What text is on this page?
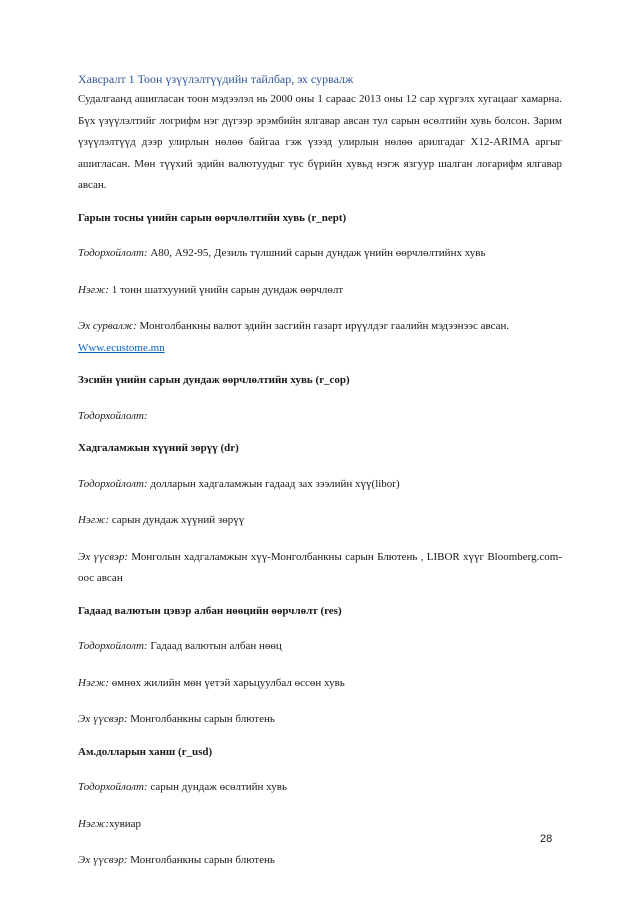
Хавсралт 1 Тоон үзүүлэлтүүдийн тайлбар, эх сурвалж

Судалгаанд ашигласан тоон мэдээлэл нь 2000 оны 1 сараас 2013 оны 12 сар хүргэлх хугацааг хамарна. Бүх үзүүлэлтийг логрифм нэг дүгээр эрэмбийн ялгавар авсан тул сарын өсөлтийн хувь болсон. Зарим үзүүлэлтүүд дээр улирлын нөлөө байгаа гэж үзээд улирлын нөлөө арилгадаг X12-ARIMA аргыг ашигласан. Мөн түүхий эдийн валютуудыг тус бүрийн хувьд нэгж язгуур шалган логарифм ялгавар авсан.

Гарын тосны үнийн сарын өөрчлөлтийн хувь (r_nept)

Тодорхойлолт: А80, А92-95, Дезиль түлшний сарын дундаж үнийн өөрчлөлтийнх хувь
Нэгж: 1 тонн шатхууний үнийн сарын дундаж өөрчлөлт
Эх сурвалж: Монголбанкны валют эдийн засгийн газарт ирүүлдэг гаалийн мэдээнээс авсан.
Www.ecustome.mn

Зэсийн үнийн сарын дундаж өөрчлөлтийн хувь (r_cop)

Тодорхойлолт:

Хадгаламжын хүүний зөрүү (dr)

Тодорхойлолт: долларын хадгаламжын гадаад зах зээлийн хүү(libor)
Нэгж: сарын дундаж хүүний зөрүү
Эх үүсвэр: Монголын хадгаламжын хүү-Монголбанкны сарын Блютень , LIBOR хүүг Bloomberg.com-оос авсан

Гадаад валютын цэвэр албан нөөцийн өөрчлөлт (res)

Тодорхойлолт: Гадаад валютын албан нөөц
Нэгж: өмнөх жилийн мөн үетэй харьцуулбал өссөн хувь
Эх үүсвэр: Монголбанкны сарын блютень

Ам.долларын ханш (r_usd)

Тодорхойлолт: сарын дундаж өсөлтийн хувь
Нэгж:хувиар
Эх үүсвэр: Монголбанкны сарын блютень
28
